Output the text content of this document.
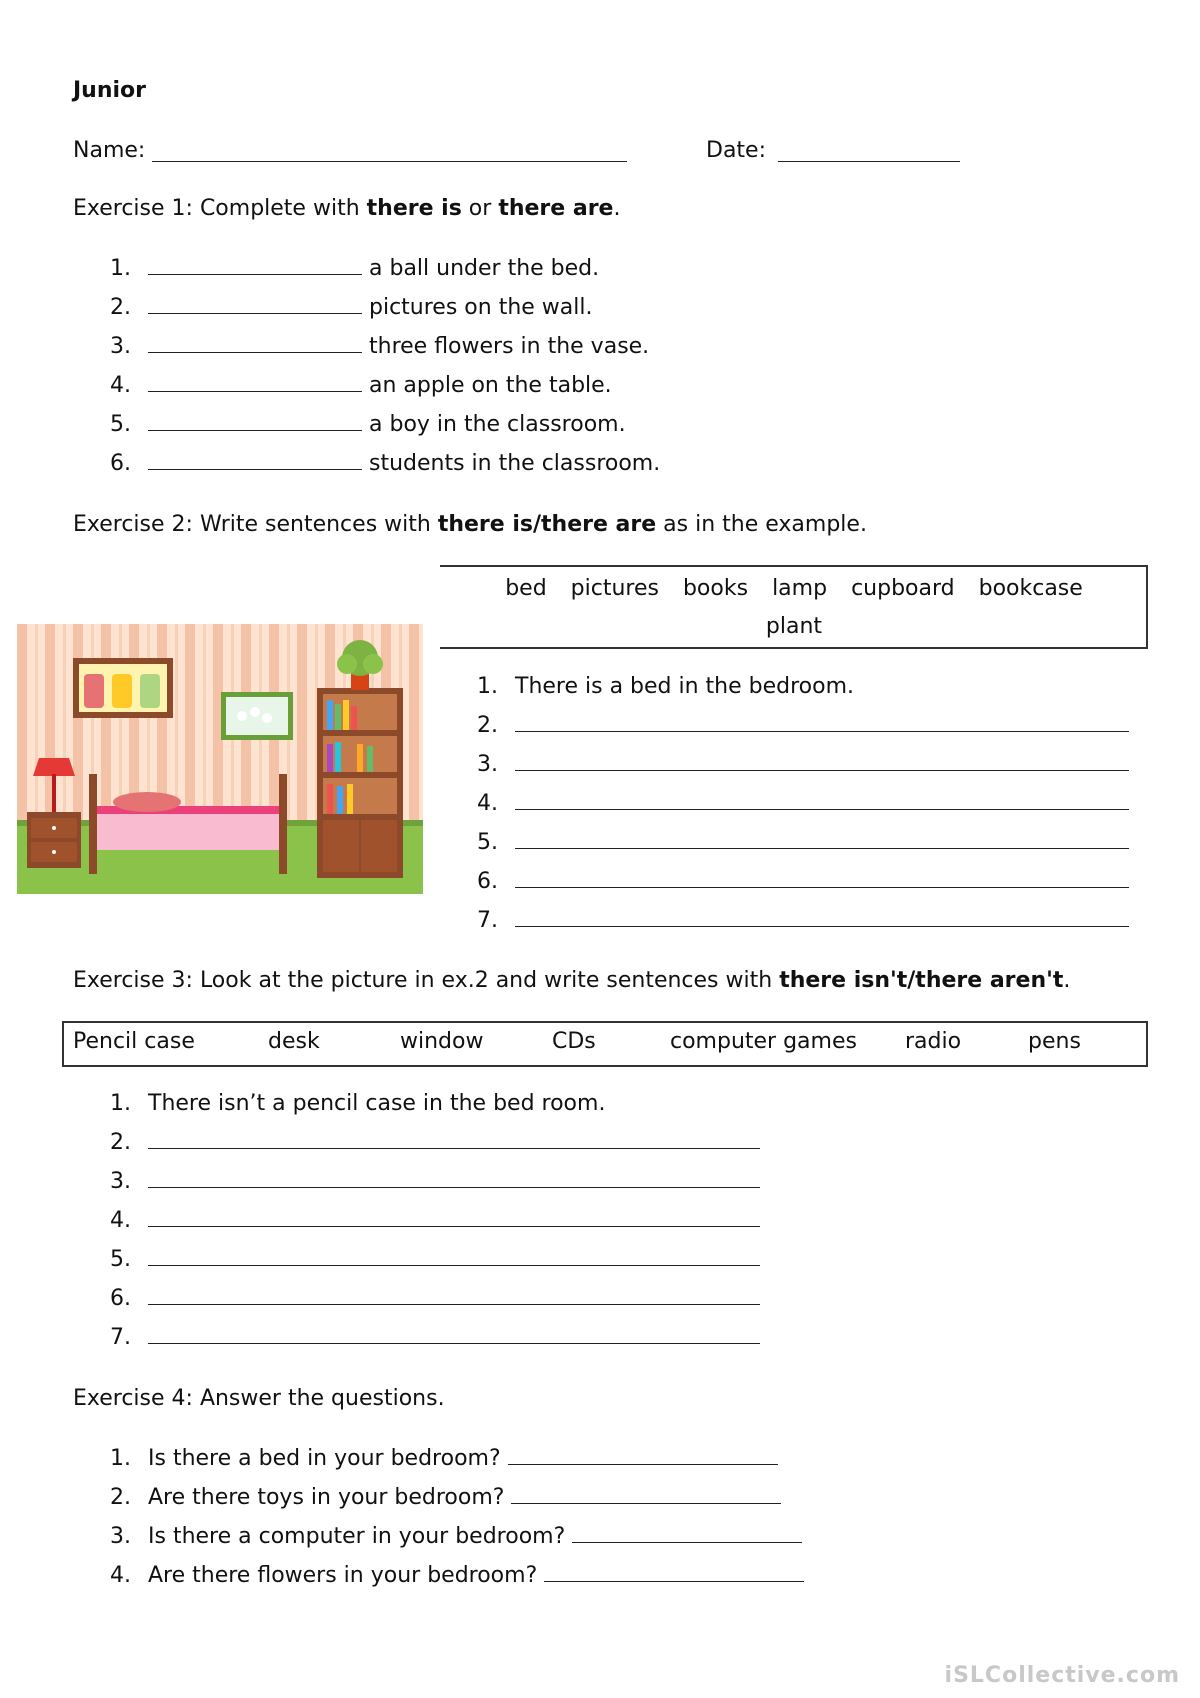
Junior
Name:	Date:
Exercise 1: Complete with there is or there are.
1.	a ball under the bed.
2.	pictures on the wall.
3.	three flowers in the vase.
4.	an apple on the table.
5.	a boy in the classroom.
6.	students in the classroom.
Exercise 2: Write sentences with there is/there are as in the example.
bed pictures books lamp cupboard bookcase
plant
1. There is a bed in the bedroom.
2.
3.
4.
5.
6.
7.
Exercise 3: Look at the picture in ex.2 and write sentences with there isn't/there aren't.
Pencil case	desk	window	CDs	computer games radio	pens
1. There isn’t a pencil case in the bed room.
2.
3.
4.
5.
6.
7.
Exercise 4: Answer the questions.
1. Is there a bed in your bedroom?
2. Are there toys in your bedroom?
3. Is there a computer in your bedroom?
4. Are there flowers in your bedroom?
iSLCollective.com
